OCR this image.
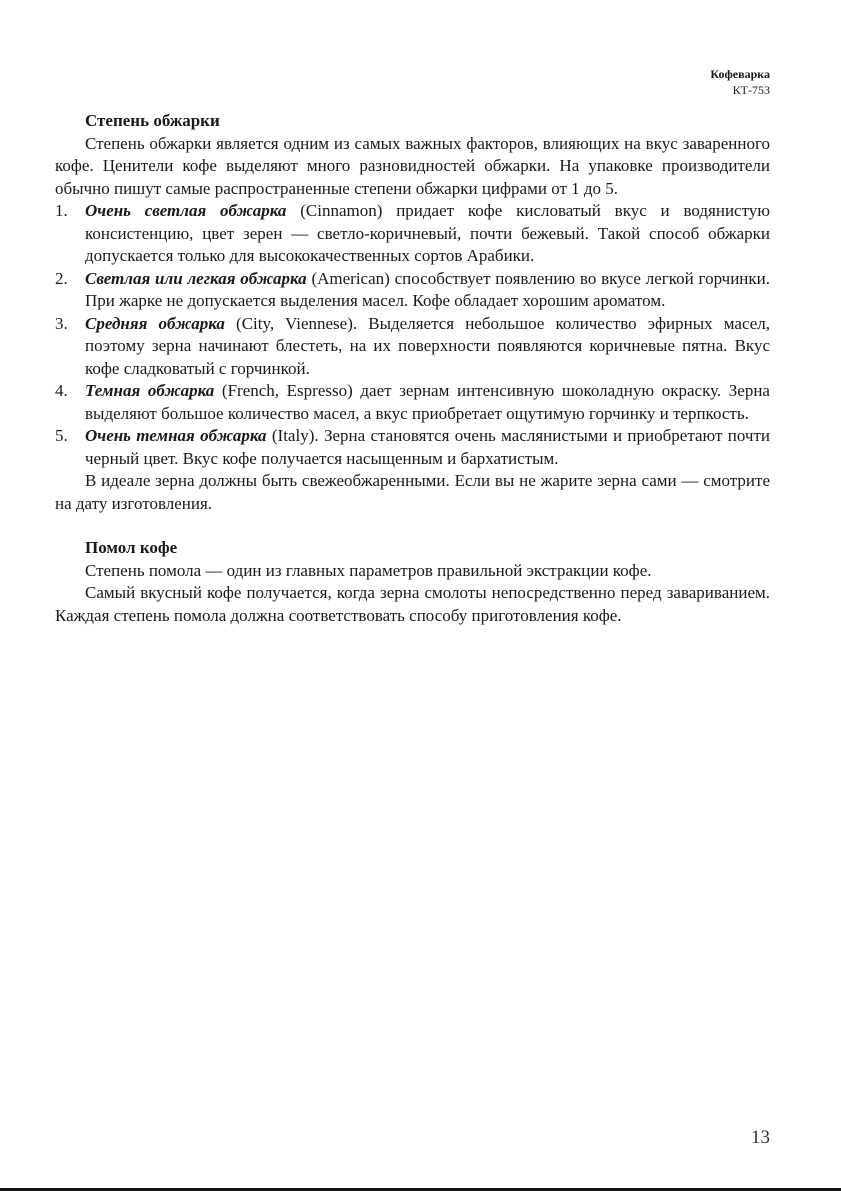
Кофеварка
КТ-753
Степень обжарки

Степень обжарки является одним из самых важных факторов, влияющих на вкус заваренного кофе. Ценители кофе выделяют много разновидностей обжарки. На упаковке производители обычно пишут самые распространенные степени обжарки цифрами от 1 до 5.

1. Очень светлая обжарка (Cinnamon) придает кофе кисловатый вкус и водянистую консистенцию, цвет зерен — светло-коричневый, почти бежевый. Такой способ обжарки допускается только для высококачественных сортов Арабики.
2. Светлая или легкая обжарка (American) способствует появлению во вкусе легкой горчинки. При жарке не допускается выделения масел. Кофе обладает хорошим ароматом.
3. Средняя обжарка (City, Viennese). Выделяется небольшое количество эфирных масел, поэтому зерна начинают блестеть, на их поверхности появляются коричневые пятна. Вкус кофе сладковатый с горчинкой.
4. Темная обжарка (French, Espresso) дает зернам интенсивную шоколадную окраску. Зерна выделяют большое количество масел, а вкус приобретает ощутимую горчинку и терпкость.
5. Очень темная обжарка (Italy). Зерна становятся очень маслянистыми и приобретают почти черный цвет. Вкус кофе получается насыщенным и бархатистым.

В идеале зерна должны быть свежеобжаренными. Если вы не жарите зерна сами — смотрите на дату изготовления.

Помол кофе

Степень помола — один из главных параметров правильной экстракции кофе.

Самый вкусный кофе получается, когда зерна смолоты непосредственно перед завариванием. Каждая степень помола должна соответствовать способу приготовления кофе.

13
